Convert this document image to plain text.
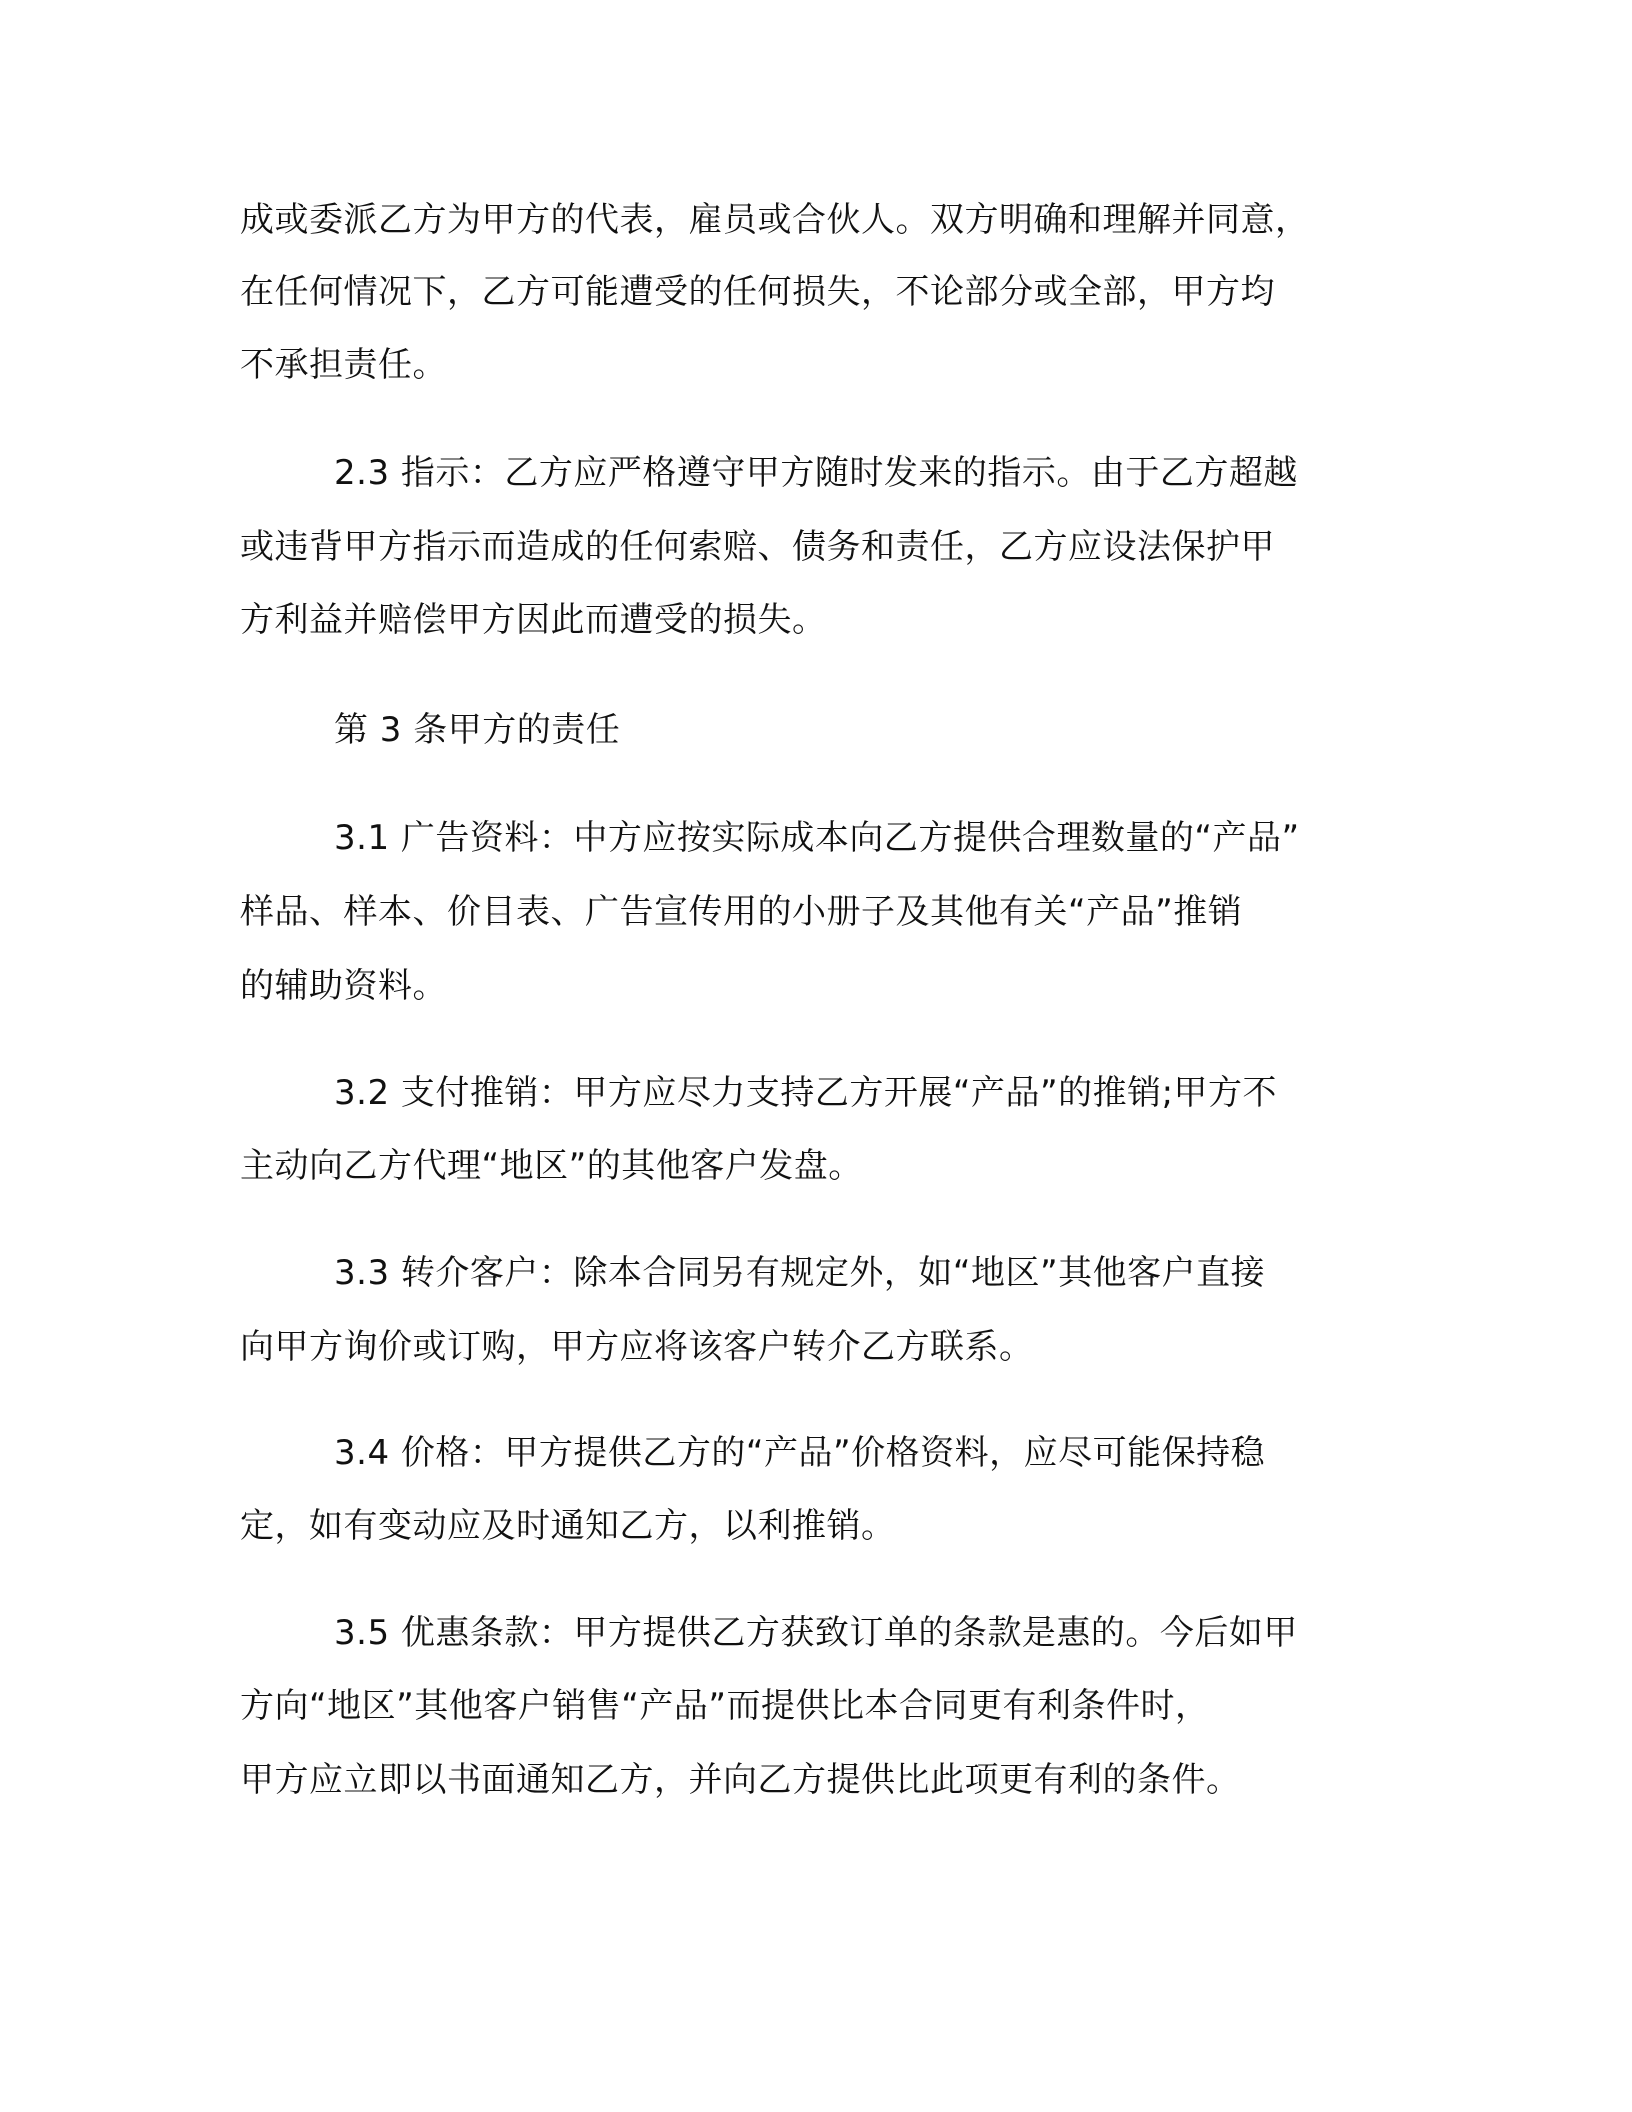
成或委派乙方为甲方的代表，雇员或合伙人。双方明确和理解并同意，
在任何情况下，乙方可能遭受的任何损失，不论部分或全部，甲方均
不承担责任。
2.3 指示：乙方应严格遵守甲方随时发来的指示。由于乙方超越
或违背甲方指示而造成的任何索赔、债务和责任，乙方应设法保护甲
方利益并赔偿甲方因此而遭受的损失。
第 3 条甲方的责任
3.1 广告资料：中方应按实际成本向乙方提供合理数量的“产品”
样品、样本、价目表、广告宣传用的小册子及其他有关“产品”推销
的辅助资料。
3.2 支付推销：甲方应尽力支持乙方开展“产品”的推销;甲方不
主动向乙方代理“地区”的其他客户发盘。
3.3 转介客户：除本合同另有规定外，如“地区”其他客户直接
向甲方询价或订购，甲方应将该客户转介乙方联系。
3.4 价格：甲方提供乙方的“产品”价格资料，应尽可能保持稳
定，如有变动应及时通知乙方，以利推销。
3.5 优惠条款：甲方提供乙方获致订单的条款是惠的。今后如甲
方向“地区”其他客户销售“产品”而提供比本合同更有利条件时，
甲方应立即以书面通知乙方，并向乙方提供比此项更有利的条件。
